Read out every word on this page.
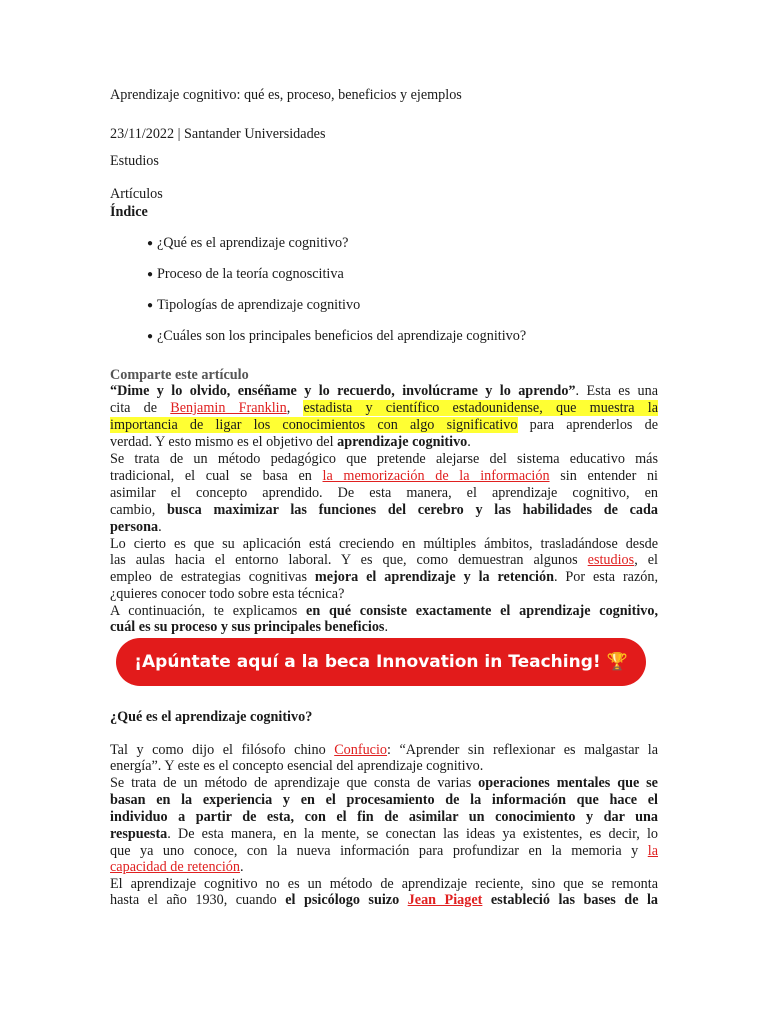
Aprendizaje cognitivo: qué es, proceso, beneficios y ejemplos
23/11/2022 | Santander Universidades
Estudios
Artículos
Índice
● ¿Qué es el aprendizaje cognitivo?
● Proceso de la teoría cognoscitiva
● Tipologías de aprendizaje cognitivo
● ¿Cuáles son los principales beneficios del aprendizaje cognitivo?
Comparte este artículo
“Dime y lo olvido, enséñame y lo recuerdo, involúcrame y lo aprendo”. Esta es una
cita de Benjamin Franklin, estadista y científico estadounidense, que muestra la
importancia de ligar los conocimientos con algo significativo para aprenderlos de
verdad. Y esto mismo es el objetivo del aprendizaje cognitivo.
Se trata de un método pedagógico que pretende alejarse del sistema educativo más
tradicional, el cual se basa en la memorización de la información sin entender ni
asimilar el concepto aprendido. De esta manera, el aprendizaje cognitivo, en
cambio, busca maximizar las funciones del cerebro y las habilidades de cada
persona.
Lo cierto es que su aplicación está creciendo en múltiples ámbitos, trasladándose desde
las aulas hacia el entorno laboral. Y es que, como demuestran algunos estudios, el
empleo de estrategias cognitivas mejora el aprendizaje y la retención. Por esta razón,
¿quieres conocer todo sobre esta técnica?
A continuación, te explicamos en qué consiste exactamente el aprendizaje cognitivo,
cuál es su proceso y sus principales beneficios.
¡Apúntate aquí a la beca Innovation in Teaching! 🏆
¿Qué es el aprendizaje cognitivo?
Tal y como dijo el filósofo chino Confucio: “Aprender sin reflexionar es malgastar la
energía”. Y este es el concepto esencial del aprendizaje cognitivo.
Se trata de un método de aprendizaje que consta de varias operaciones mentales que se
basan en la experiencia y en el procesamiento de la información que hace el
individuo a partir de esta, con el fin de asimilar un conocimiento y dar una
respuesta. De esta manera, en la mente, se conectan las ideas ya existentes, es decir, lo
que ya uno conoce, con la nueva información para profundizar en la memoria y la
capacidad de retención.
El aprendizaje cognitivo no es un método de aprendizaje reciente, sino que se remonta
hasta el año 1930, cuando el psicólogo suizo Jean Piaget estableció las bases de la
